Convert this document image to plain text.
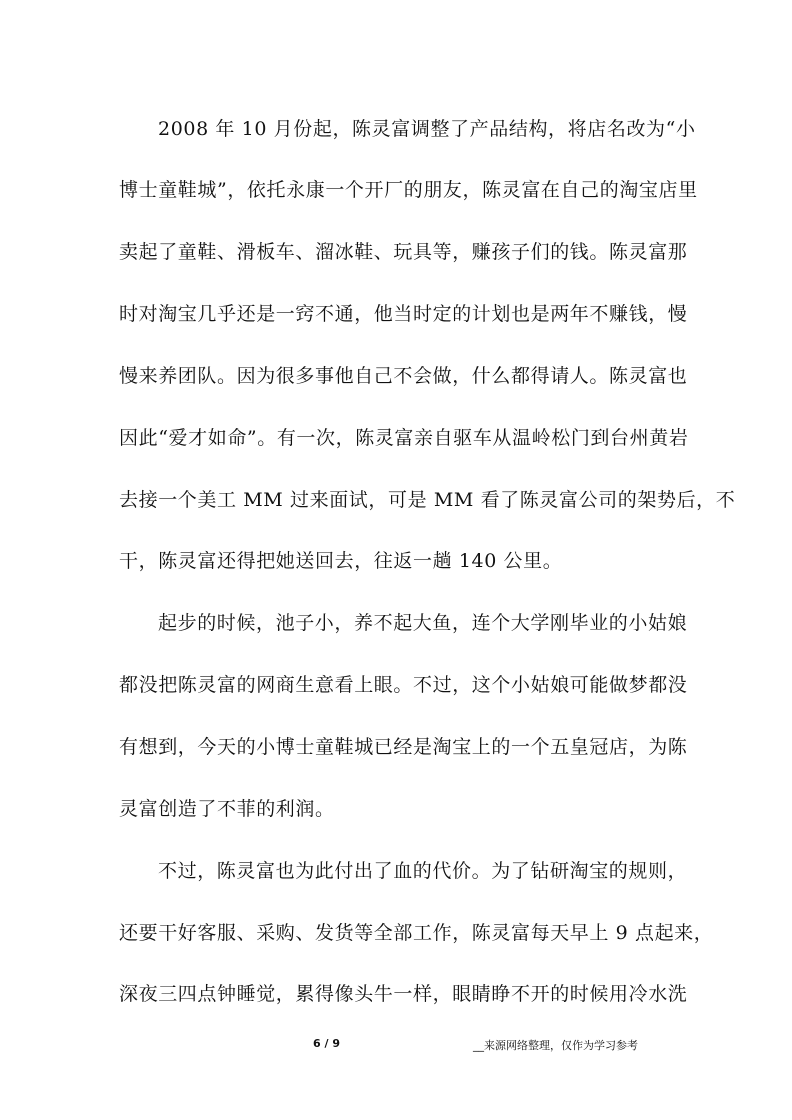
2008 年 10 月份起，陈灵富调整了产品结构，将店名改为“小
博士童鞋城”，依托永康一个开厂的朋友，陈灵富在自己的淘宝店里
卖起了童鞋、滑板车、溜冰鞋、玩具等，赚孩子们的钱。陈灵富那
时对淘宝几乎还是一窍不通，他当时定的计划也是两年不赚钱，慢
慢来养团队。因为很多事他自己不会做，什么都得请人。陈灵富也
因此“爱才如命”。有一次，陈灵富亲自驱车从温岭松门到台州黄岩
去接一个美工 MM 过来面试，可是 MM 看了陈灵富公司的架势后，不
干，陈灵富还得把她送回去，往返一趟 140 公里。
起步的时候，池子小，养不起大鱼，连个大学刚毕业的小姑娘
都没把陈灵富的网商生意看上眼。不过，这个小姑娘可能做梦都没
有想到，今天的小博士童鞋城已经是淘宝上的一个五皇冠店，为陈
灵富创造了不菲的利润。
不过，陈灵富也为此付出了血的代价。为了钻研淘宝的规则，
还要干好客服、采购、发货等全部工作，陈灵富每天早上 9 点起来，
深夜三四点钟睡觉，累得像头牛一样，眼睛睁不开的时候用冷水洗
6 / 9	__来源网络整理，仅作为学习参考
